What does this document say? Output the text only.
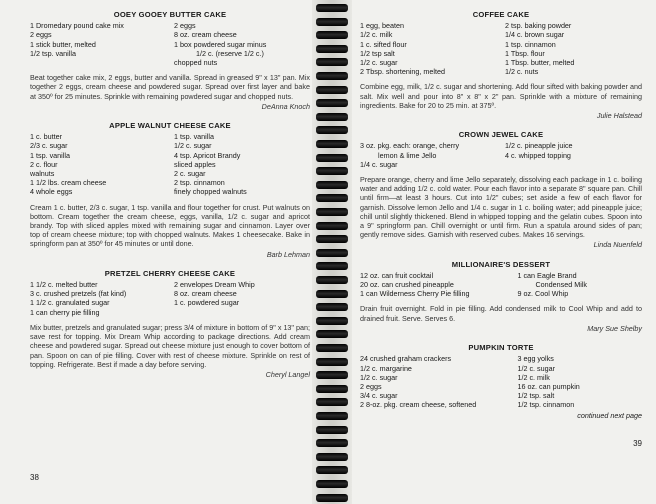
OOEY GOOEY BUTTER CAKE
1 Dromedary pound cake mix
2 eggs
1 stick butter, melted
1/2 tsp. vanilla
2 eggs
8 oz. cream cheese
1 box powdered sugar minus
1/2 c. (reserve 1/2 c.)
chopped nuts
Beat together cake mix, 2 eggs, butter and vanilla. Spread in greased 9" x 13" pan. Mix together 2 eggs, cream cheese and powdered sugar. Spread over first layer and bake at 350º for 25 minutes. Sprinkle with remaining powdered sugar and chopped nuts.
DeAnna Knoch
APPLE WALNUT CHEESE CAKE
1 c. butter
2/3 c. sugar
1 tsp. vanilla
2 c. flour
walnuts
1 1/2 lbs. cream cheese
4 whole eggs
1 tsp. vanilla
1/2 c. sugar
4 tsp. Apricot Brandy
sliced apples
2 c. sugar
2 tsp. cinnamon
finely chopped walnuts
Cream 1 c. butter, 2/3 c. sugar, 1 tsp. vanilla and flour together for crust. Put walnuts on bottom. Cream together the cream cheese, eggs, vanilla, 1/2 c. sugar and apricot brandy. Top with sliced apples mixed with remaining sugar and cinnamon. Layer over top of cream cheese mixture; top with chopped walnuts. Makes 1 cheesecake. Bake in springform pan at 350º for 45 minutes or until done.
Barb Lehman
PRETZEL CHERRY CHEESE CAKE
1 1/2 c. melted butter
3 c. crushed pretzels (fat kind)
1 1/2 c. granulated sugar
1 can cherry pie filling
2 envelopes Dream Whip
8 oz. cream cheese
1 c. powdered sugar
Mix butter, pretzels and granulated sugar; press 3/4 of mixture in bottom of 9" x 13" pan; save rest for topping. Mix Dream Whip according to package directions. Add cream cheese and powdered sugar. Spread out cheese mixture just enough to cover bottom of pan. Spoon on can of pie filling. Cover with rest of cheese mixture. Sprinkle on rest of topping. Refrigerate. Best if made a day before serving.
Cheryl Langel
38
COFFEE CAKE
1 egg, beaten
1/2 c. milk
1 c. sifted flour
1/2 tsp salt
1/2 c. sugar
2 Tbsp. shortening, melted
2 tsp. baking powder
1/4 c. brown sugar
1 tsp. cinnamon
1 Tbsp. flour
1 Tbsp. butter, melted
1/2 c. nuts
Combine egg, milk, 1/2 c. sugar and shortening. Add flour sifted with baking powder and salt. Mix well and pour into 8" x 8" x 2" pan. Sprinkle with a mixture of remaining ingredients. Bake for 20 to 25 min. at 375º.
Julie Halstead
CROWN JEWEL CAKE
3 oz. pkg. each: orange, cherry
lemon & lime Jello
1/4 c. sugar
1/2 c. pineapple juice
4 c. whipped topping
Prepare orange, cherry and lime Jello separately, dissolving each package in 1 c. boiling water and adding 1/2 c. cold water. Pour each flavor into a separate 8" square pan. Chill until firm—at least 3 hours. Cut into 1/2" cubes; set aside a few of each flavor for garnish. Dissolve lemon Jello and 1/4 c. sugar in 1 c. boiling water; add pineapple juice; chill until slightly thickened. Blend in whipped topping and the gelatin cubes. Spoon into a 9" springform pan. Chill overnight or until firm. Run a spatula around sides of pan; gently remove sides. Garnish with reserved cubes. Makes 16 servings.
Linda Nuenfeld
MILLIONAIRE'S DESSERT
12 oz. can fruit cocktail
20 oz. can crushed pineapple
1 can Wilderness Cherry Pie filling
1 can Eagle Brand
Condensed Milk
9 oz. Cool Whip
Drain fruit overnight. Fold in pie filling. Add condensed milk to Cool Whip and add to drained fruit. Serve. Serves 6.
Mary Sue Shelby
PUMPKIN TORTE
24 crushed graham crackers
1/2 c. margarine
1/2 c. sugar
2 eggs
3/4 c. sugar
2 8-oz. pkg. cream cheese, softened
3 egg yolks
1/2 c. sugar
1/2 c. milk
16 oz. can pumpkin
1/2 tsp. salt
1/2 tsp. cinnamon
continued next page
39
